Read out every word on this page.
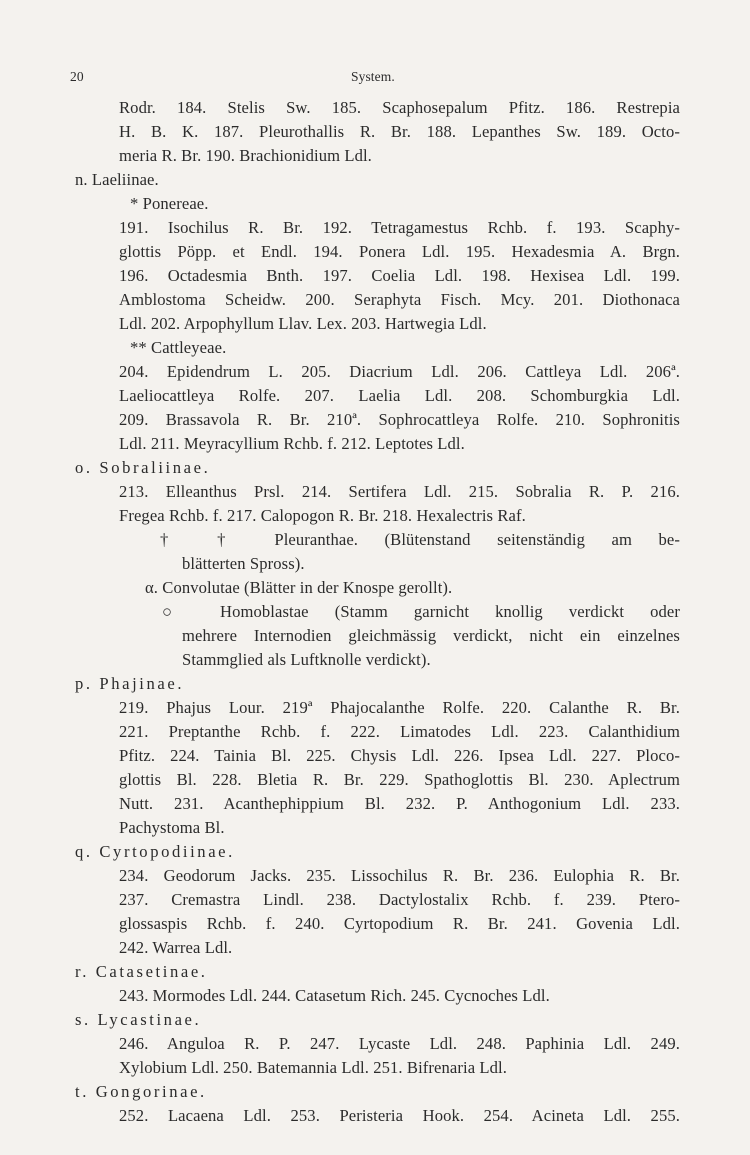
20	System.

Rodr. 184. Stelis Sw. 185. Scaphosepalum Pfitz. 186. Restrepia

H. B. K. 187. Pleurothallis R. Br. 188. Lepanthes Sw. 189. Octo-

meria R. Br. 190. Brachionidium Ldl.

n. Laeliinae.

* Ponereae.

191. Isochilus R. Br. 192. Tetragamestus Rchb. f. 193. Scaphy-

glottis Pöpp. et Endl. 194. Ponera Ldl. 195. Hexadesmia A. Brgn.

196. Octadesmia Bnth. 197. Coelia Ldl. 198. Hexisea Ldl. 199.

Amblostoma Scheidw. 200. Seraphyta Fisch. Mcy. 201. Diothonaca

Ldl. 202. Arpophyllum Llav. Lex. 203. Hartwegia Ldl.

** Cattleyeae.

204. Epidendrum L. 205. Diacrium Ldl. 206. Cattleya Ldl. 206ª.

Laeliocattleya Rolfe. 207. Laelia Ldl. 208. Schomburgkia Ldl.

209. Brassavola R. Br. 210ª. Sophrocattleya Rolfe. 210. Sophronitis

Ldl. 211. Meyracyllium Rchb. f. 212. Leptotes Ldl.

o. Sobraliinae.

213. Elleanthus Prsl. 214. Sertifera Ldl. 215. Sobralia R. P. 216.

Fregea Rchb. f. 217. Calopogon R. Br. 218. Hexalectris Raf.

† † Pleuranthae. (Blütenstand seitenständig am be-

blätterten Spross).

α. Convolutae (Blätter in der Knospe gerollt).

○ Homoblastae (Stamm garnicht knollig verdickt oder

mehrere Internodien gleichmässig verdickt, nicht ein einzelnes

Stammglied als Luftknolle verdickt).

p. Phajinae.

219. Phajus Lour. 219ª Phajocalanthe Rolfe. 220. Calanthe R. Br.

221. Preptanthe Rchb. f. 222. Limatodes Ldl. 223. Calanthidium

Pfitz. 224. Tainia Bl. 225. Chysis Ldl. 226. Ipsea Ldl. 227. Ploco-

glottis Bl. 228. Bletia R. Br. 229. Spathoglottis Bl. 230. Aplectrum

Nutt. 231. Acanthephippium Bl. 232. P. Anthogonium Ldl. 233.

Pachystoma Bl.

q. Cyrtopodiinae.

234. Geodorum Jacks. 235. Lissochilus R. Br. 236. Eulophia R. Br.

237. Cremastra Lindl. 238. Dactylostalix Rchb. f. 239. Ptero-

glossaspis Rchb. f. 240. Cyrtopodium R. Br. 241. Govenia Ldl.

242. Warrea Ldl.

r. Catasetinae.

243. Mormodes Ldl. 244. Catasetum Rich. 245. Cycnoches Ldl.

s. Lycastinae.

246. Anguloa R. P. 247. Lycaste Ldl. 248. Paphinia Ldl. 249.

Xylobium Ldl. 250. Batemannia Ldl. 251. Bifrenaria Ldl.

t. Gongorinae.

252. Lacaena Ldl. 253. Peristeria Hook. 254. Acineta Ldl. 255.
